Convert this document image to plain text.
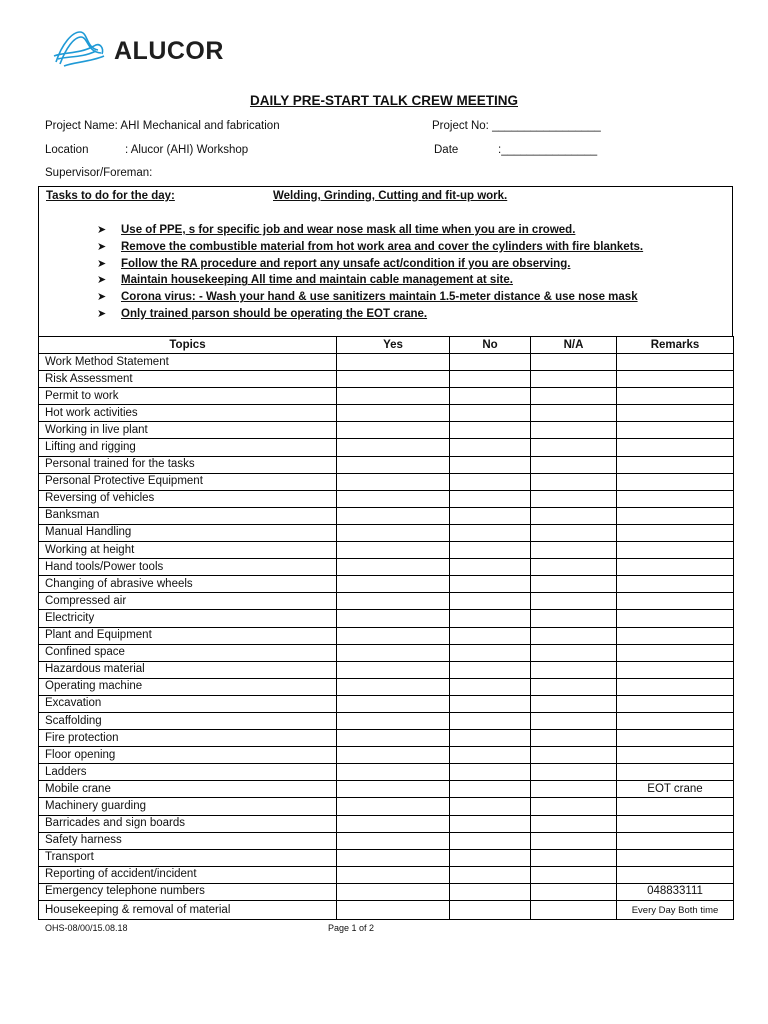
ALUCOR
DAILY PRE-START TALK CREW MEETING
Project Name: AHI Mechanical and fabrication	Project No: _________________
Location	: Alucor (AHI) Workshop	Date	:_______________
Supervisor/Foreman:
Tasks to do for the day:	Welding, Grinding, Cutting and fit-up work.
➤ Use of PPE, s for specific job and wear nose mask all time when you are in crowed.
➤ Remove the combustible material from hot work area and cover the cylinders with fire blankets.
➤ Follow the RA procedure and report any unsafe act/condition if you are observing.
➤ Maintain housekeeping All time and maintain cable management at site.
➤ Corona virus: - Wash your hand & use sanitizers maintain 1.5-meter distance & use nose mask
➤ Only trained parson should be operating the EOT crane.
Topics	Yes	No	N/A	Remarks
Work Method Statement				
Risk Assessment				
Permit to work				
Hot work activities				
Working in live plant				
Lifting and rigging				
Personal trained for the tasks				
Personal Protective Equipment				
Reversing of vehicles				
Banksman				
Manual Handling				
Working at height				
Hand tools/Power tools				
Changing of abrasive wheels				
Compressed air				
Electricity				
Plant and Equipment				
Confined space				
Hazardous material				
Operating machine				
Excavation				
Scaffolding				
Fire protection				
Floor opening				
Ladders				
Mobile crane				EOT crane
Machinery guarding				
Barricades and sign boards				
Safety harness				
Transport				
Reporting of accident/incident				
Emergency telephone numbers				048833111
Housekeeping & removal of material				Every Day Both time
OHS-08/00/15.08.18	Page 1 of 2
